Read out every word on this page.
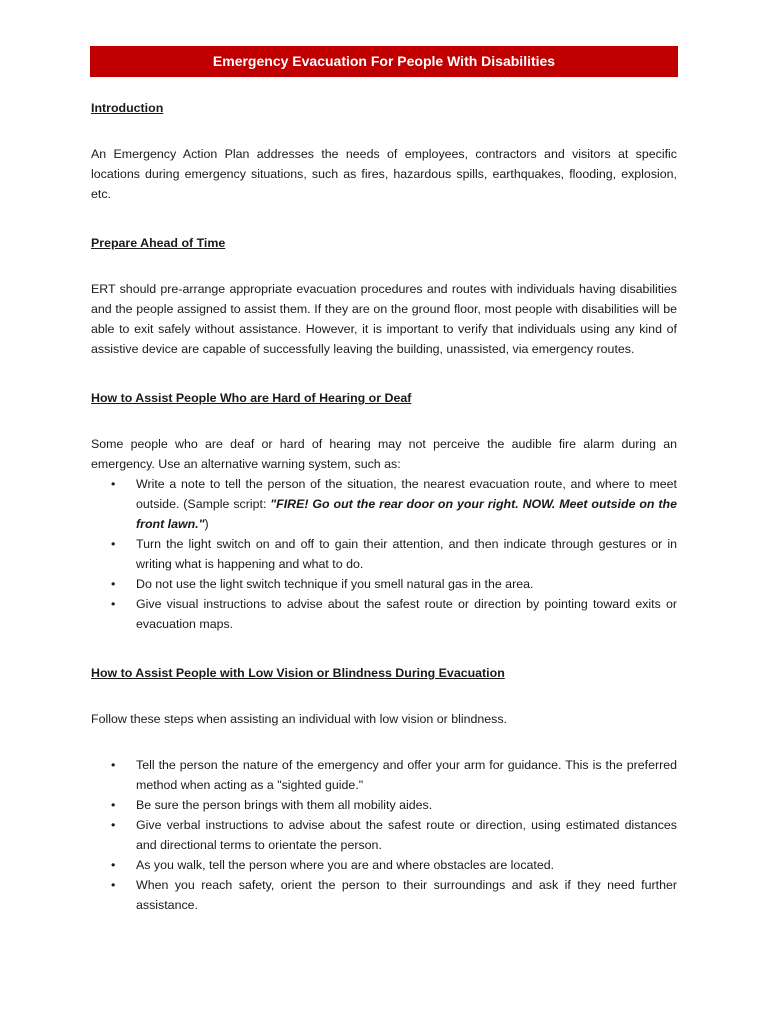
Emergency Evacuation For People With Disabilities

Introduction

An Emergency Action Plan addresses the needs of employees, contractors and visitors at specific locations during emergency situations, such as fires, hazardous spills, earthquakes, flooding, explosion, etc.

Prepare Ahead of Time

ERT should pre-arrange appropriate evacuation procedures and routes with individuals having disabilities and the people assigned to assist them. If they are on the ground floor, most people with disabilities will be able to exit safely without assistance. However, it is important to verify that individuals using any kind of assistive device are capable of successfully leaving the building, unassisted, via emergency routes.

How to Assist People Who are Hard of Hearing or Deaf

Some people who are deaf or hard of hearing may not perceive the audible fire alarm during an emergency. Use an alternative warning system, such as:

• Write a note to tell the person of the situation, the nearest evacuation route, and where to meet outside. (Sample script: "FIRE! Go out the rear door on your right. NOW. Meet outside on the front lawn.")
• Turn the light switch on and off to gain their attention, and then indicate through gestures or in writing what is happening and what to do.
• Do not use the light switch technique if you smell natural gas in the area.
• Give visual instructions to advise about the safest route or direction by pointing toward exits or evacuation maps.

How to Assist People with Low Vision or Blindness During Evacuation

Follow these steps when assisting an individual with low vision or blindness.

• Tell the person the nature of the emergency and offer your arm for guidance. This is the preferred method when acting as a "sighted guide."
• Be sure the person brings with them all mobility aides.
• Give verbal instructions to advise about the safest route or direction, using estimated distances and directional terms to orientate the person.
• As you walk, tell the person where you are and where obstacles are located.
• When you reach safety, orient the person to their surroundings and ask if they need further assistance.
